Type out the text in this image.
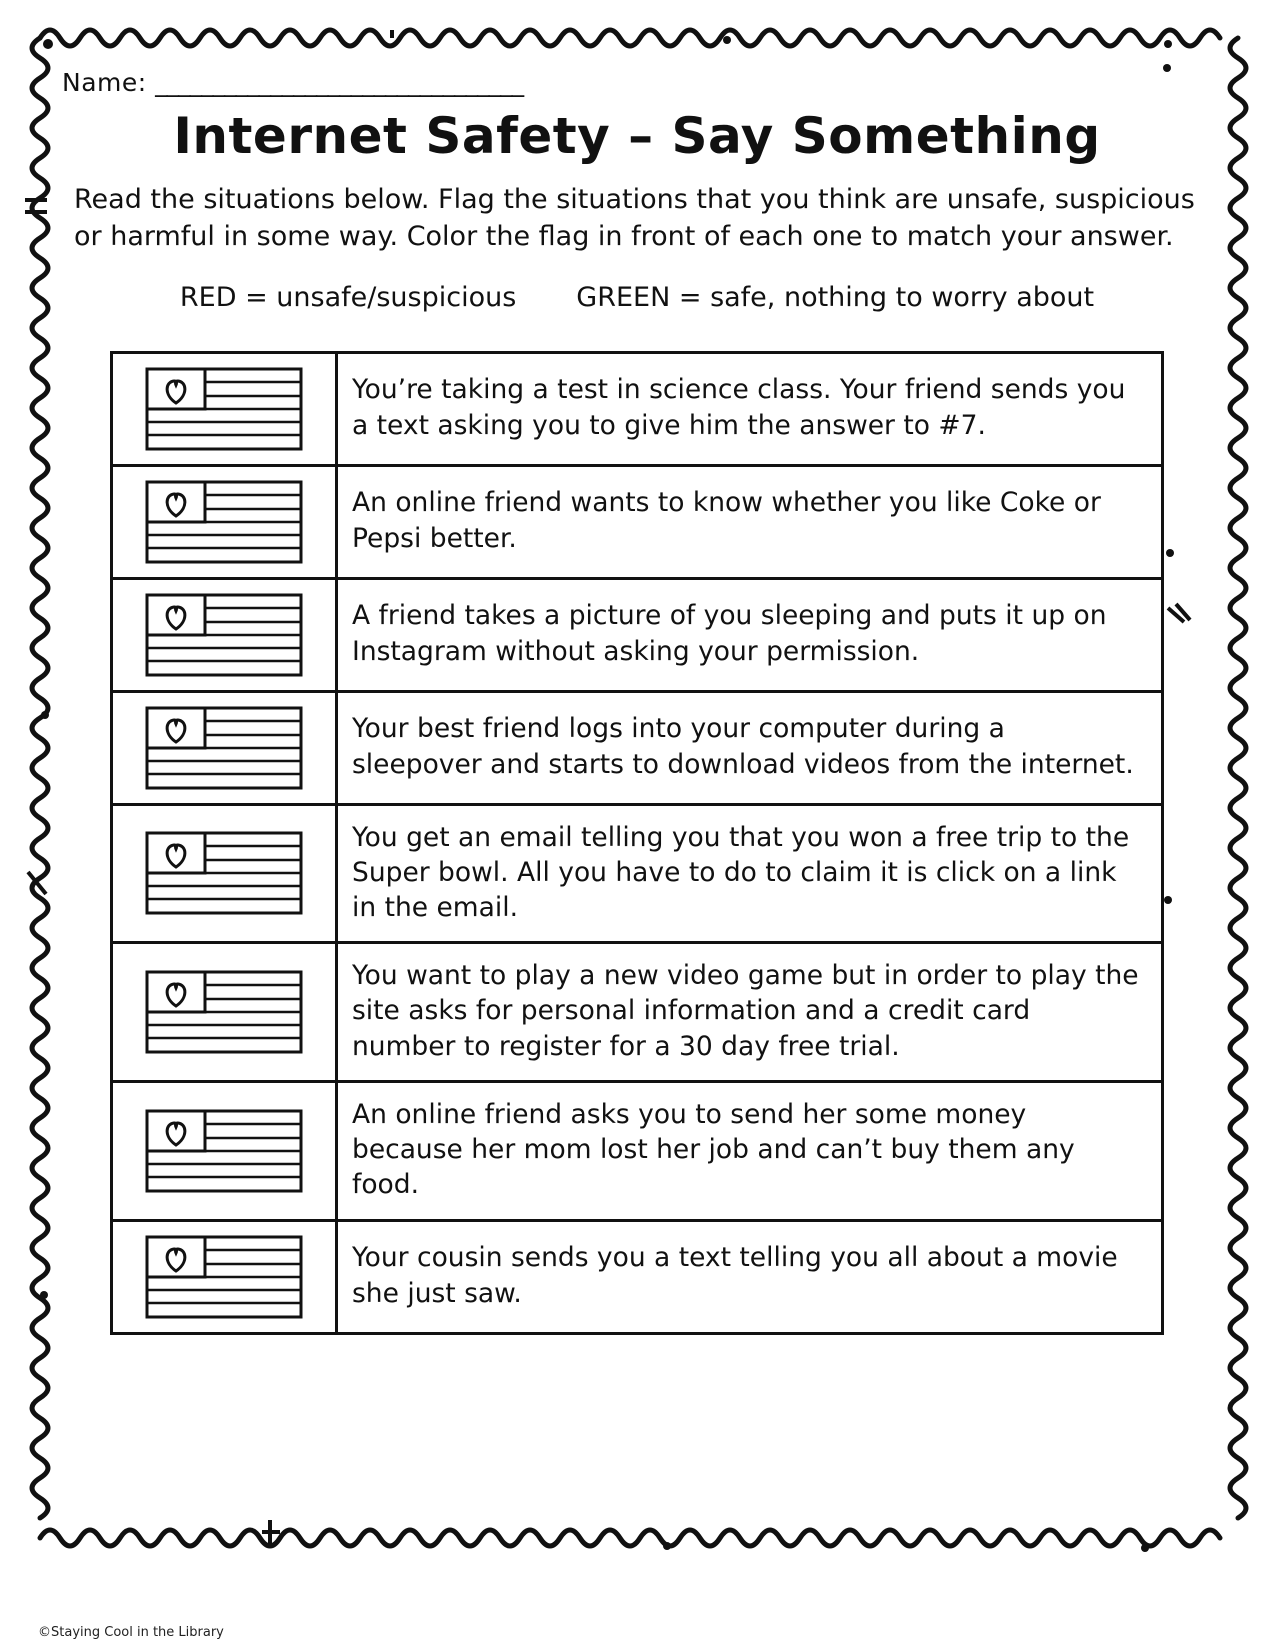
Name: ________________________________
Internet Safety – Say Something
Read the situations below. Flag the situations that you think are unsafe, suspicious or harmful in some way. Color the flag in front of each one to match your answer.
RED = unsafe/suspicious GREEN = safe, nothing to worry about
You’re taking a test in science class. Your friend sends you a text asking you to give him the answer to #7.
An online friend wants to know whether you like Coke or Pepsi better.
A friend takes a picture of you sleeping and puts it up on Instagram without asking your permission.
Your best friend logs into your computer during a sleepover and starts to download videos from the internet.
You get an email telling you that you won a free trip to the Super bowl. All you have to do to claim it is click on a link in the email.
You want to play a new video game but in order to play the site asks for personal information and a credit card number to register for a 30 day free trial.
An online friend asks you to send her some money because her mom lost her job and can’t buy them any food.
Your cousin sends you a text telling you all about a movie she just saw.
©Staying Cool in the Library
